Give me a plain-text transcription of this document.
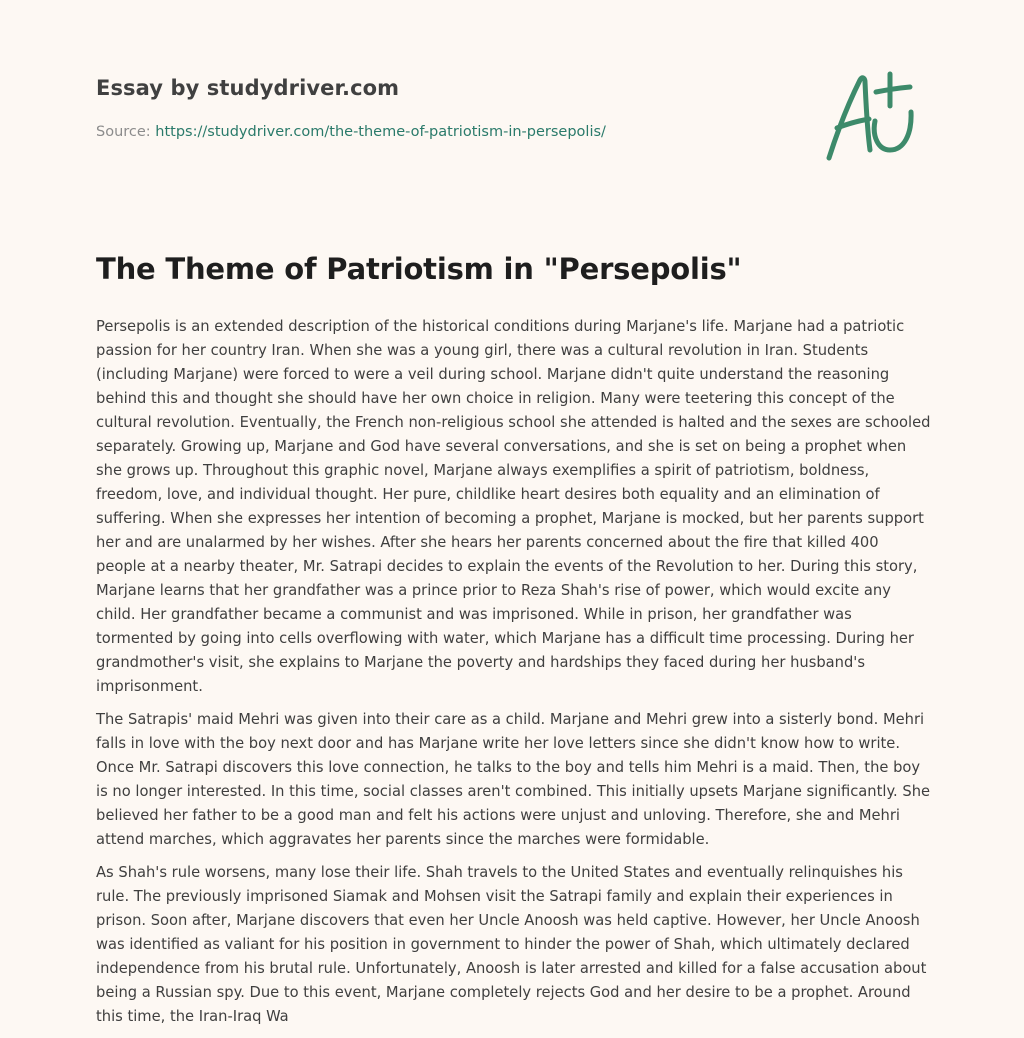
Essay by studydriver.com
Source: https://studydriver.com/the-theme-of-patriotism-in-persepolis/
The Theme of Patriotism in "Persepolis"

Persepolis is an extended description of the historical conditions during Marjane's life. Marjane had a patriotic passion for her country Iran. When she was a young girl, there was a cultural revolution in Iran. Students (including Marjane) were forced to were a veil during school. Marjane didn't quite understand the reasoning behind this and thought she should have her own choice in religion. Many were teetering this concept of the cultural revolution. Eventually, the French non-religious school she attended is halted and the sexes are schooled separately. Growing up, Marjane and God have several conversations, and she is set on being a prophet when she grows up. Throughout this graphic novel, Marjane always exemplifies a spirit of patriotism, boldness, freedom, love, and individual thought. Her pure, childlike heart desires both equality and an elimination of suffering. When she expresses her intention of becoming a prophet, Marjane is mocked, but her parents support her and are unalarmed by her wishes. After she hears her parents concerned about the fire that killed 400 people at a nearby theater, Mr. Satrapi decides to explain the events of the Revolution to her. During this story, Marjane learns that her grandfather was a prince prior to Reza Shah's rise of power, which would excite any child. Her grandfather became a communist and was imprisoned. While in prison, her grandfather was tormented by going into cells overflowing with water, which Marjane has a difficult time processing. During her grandmother's visit, she explains to Marjane the poverty and hardships they faced during her husband's imprisonment.

The Satrapis' maid Mehri was given into their care as a child. Marjane and Mehri grew into a sisterly bond. Mehri falls in love with the boy next door and has Marjane write her love letters since she didn't know how to write. Once Mr. Satrapi discovers this love connection, he talks to the boy and tells him Mehri is a maid. Then, the boy is no longer interested. In this time, social classes aren't combined. This initially upsets Marjane significantly. She believed her father to be a good man and felt his actions were unjust and unloving. Therefore, she and Mehri attend marches, which aggravates her parents since the marches were formidable.

As Shah's rule worsens, many lose their life. Shah travels to the United States and eventually relinquishes his rule. The previously imprisoned Siamak and Mohsen visit the Satrapi family and explain their experiences in prison. Soon after, Marjane discovers that even her Uncle Anoosh was held captive. However, her Uncle Anoosh was identified as valiant for his position in government to hinder the power of Shah, which ultimately declared independence from his brutal rule. Unfortunately, Anoosh is later arrested and killed for a false accusation about being a Russian spy. Due to this event, Marjane completely rejects God and her desire to be a prophet. Around this time, the Iran-Iraq Wa
